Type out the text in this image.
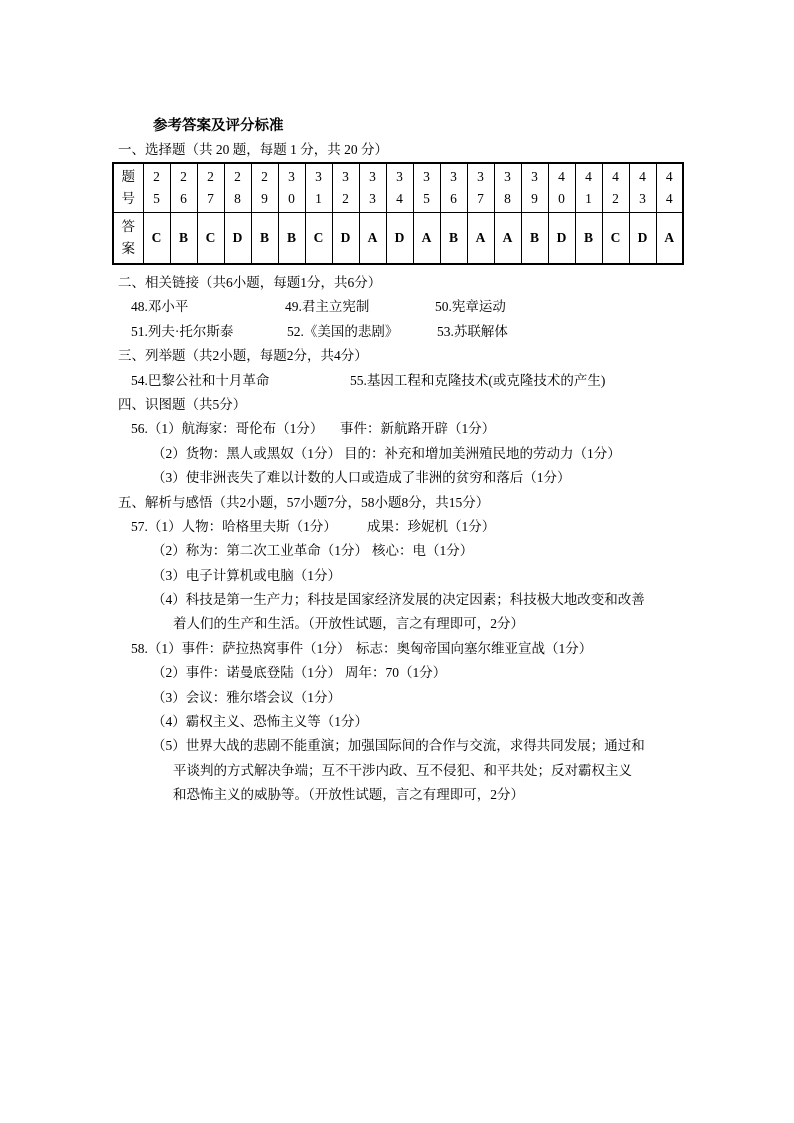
参考答案及评分标准
一、选择题（共 20 题，每题 1 分，共 20 分）
题号	25	26	27	28	29	30	31	32	33	34	35	36	37	38	39	40	41	42	43	44
答案	C	B	C	D	B	B	C	D	A	D	A	B	A	A	B	D	B	C	D	A
二、相关链接（共6小题，每题1分，共6分）
48.邓小平	49.君主立宪制	50.宪章运动
51.列夫·托尔斯泰	52.《美国的悲剧》	53.苏联解体
三、列举题（共2小题，每题2分，共4分）
54.巴黎公社和十月革命	55.基因工程和克隆技术(或克隆技术的产生)
四、识图题（共5分）
56.（1）航海家：哥伦布（1分） 事件：新航路开辟（1分）
（2）货物：黑人或黑奴（1分） 目的：补充和增加美洲殖民地的劳动力（1分）
（3）使非洲丧失了难以计数的人口或造成了非洲的贫穷和落后（1分）
五、解析与感悟（共2小题，57小题7分，58小题8分，共15分）
57.（1）人物：哈格里夫斯（1分） 成果：珍妮机（1分）
（2）称为：第二次工业革命（1分） 核心：电（1分）
（3）电子计算机或电脑（1分）
（4）科技是第一生产力；科技是国家经济发展的决定因素；科技极大地改变和改善
着人们的生产和生活。（开放性试题，言之有理即可，2分）
58.（1）事件：萨拉热窝事件（1分） 标志：奥匈帝国向塞尔维亚宣战（1分）
（2）事件：诺曼底登陆（1分） 周年：70（1分）
（3）会议：雅尔塔会议（1分）
（4）霸权主义、恐怖主义等（1分）
（5）世界大战的悲剧不能重演；加强国际间的合作与交流，求得共同发展；通过和
平谈判的方式解决争端；互不干涉内政、互不侵犯、和平共处；反对霸权主义
和恐怖主义的威胁等。（开放性试题，言之有理即可，2分）
